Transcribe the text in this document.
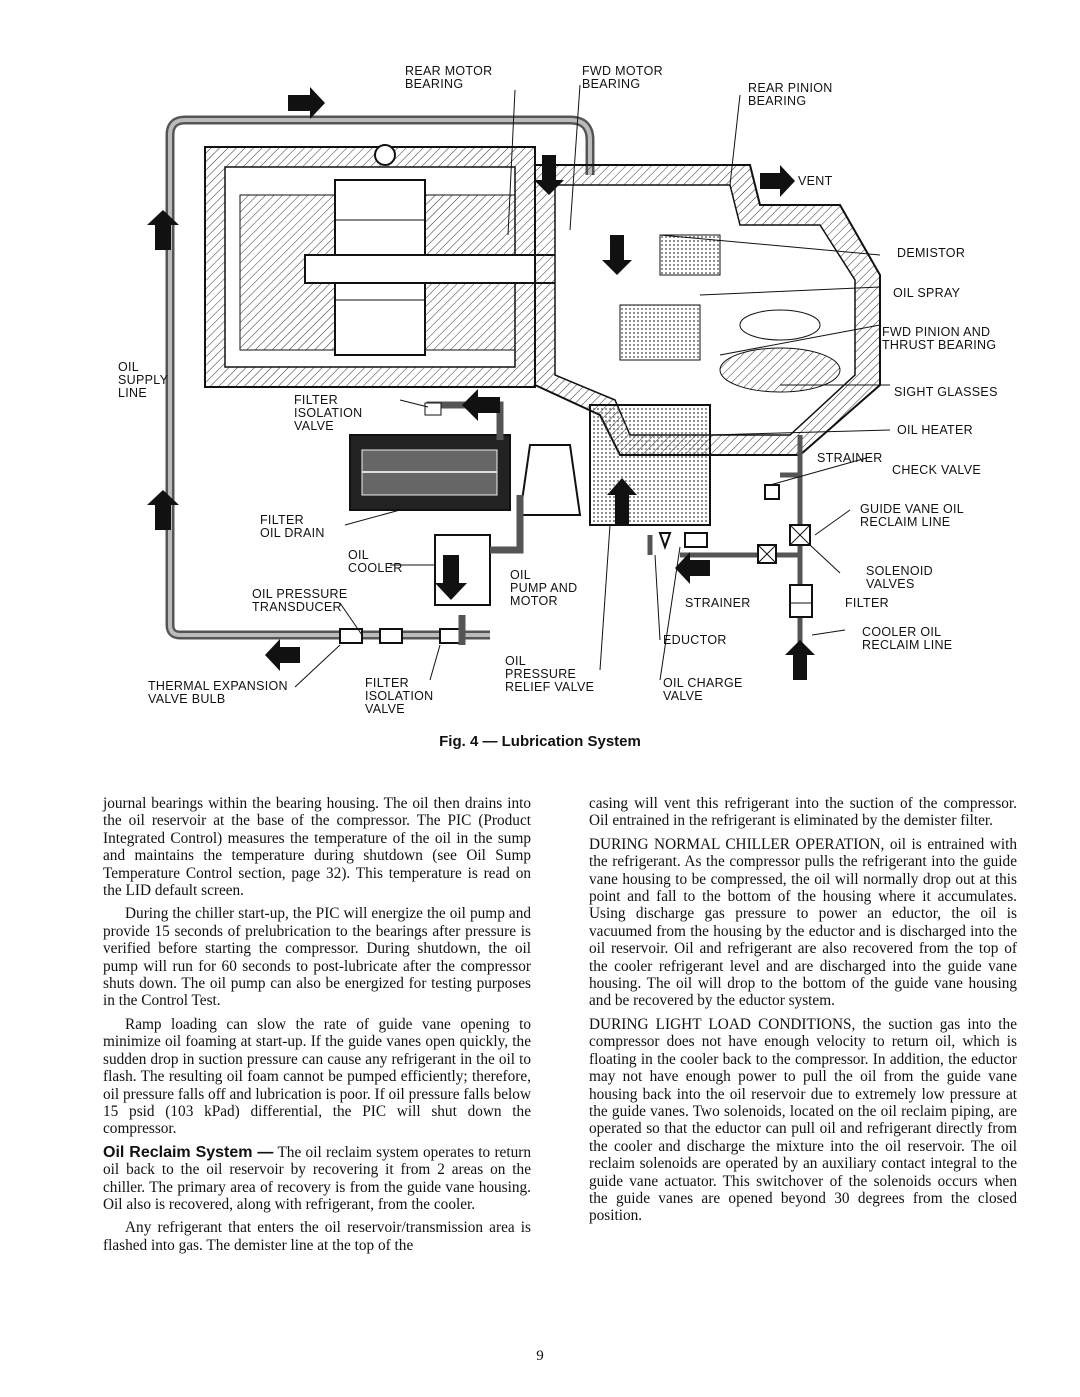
REAR MOTOR
BEARING
FWD MOTOR
BEARING	REAR PINION
BEARING
VENT
DEMISTOR
OIL SPRAY
FWD PINION AND
THRUST BEARING
SIGHT GLASSES
OIL HEATER
STRAINER
CHECK VALVE
GUIDE VANE OIL
RECLAIM LINE
SOLENOID
VALVES
STRAINER	FILTER
COOLER OIL
RECLAIM LINE
EDUCTOR
OIL CHARGE
VALVE
OIL
PRESSURE
RELIEF VALVE
OIL
PUMP AND
MOTOR
OIL
COOLER
FILTER
ISOLATION
VALVE
FILTER
OIL DRAIN
OIL PRESSURE
TRANSDUCER
OIL
SUPPLY
LINE
THERMAL EXPANSION
VALVE BULB
FILTER
ISOLATION
VALVE
Fig. 4 — Lubrication System

journal bearings within the bearing housing. The oil then drains into the oil reservoir at the base of the compressor. The PIC (Product Integrated Control) measures the temperature of the oil in the sump and maintains the temperature during shutdown (see Oil Sump Temperature Control section, page 32). This temperature is read on the LID default screen.

During the chiller start-up, the PIC will energize the oil pump and provide 15 seconds of prelubrication to the bearings after pressure is verified before starting the compressor. During shutdown, the oil pump will run for 60 seconds to post-lubricate after the compressor shuts down. The oil pump can also be energized for testing purposes in the Control Test.

Ramp loading can slow the rate of guide vane opening to minimize oil foaming at start-up. If the guide vanes open quickly, the sudden drop in suction pressure can cause any refrigerant in the oil to flash. The resulting oil foam cannot be pumped efficiently; therefore, oil pressure falls off and lubrication is poor. If oil pressure falls below 15 psid (103 kPad) differential, the PIC will shut down the compressor.

Oil Reclaim System — The oil reclaim system operates to return oil back to the oil reservoir by recovering it from 2 areas on the chiller. The primary area of recovery is from the guide vane housing. Oil also is recovered, along with refrigerant, from the cooler.

Any refrigerant that enters the oil reservoir/transmission area is flashed into gas. The demister line at the top of the

casing will vent this refrigerant into the suction of the compressor. Oil entrained in the refrigerant is eliminated by the demister filter.

DURING NORMAL CHILLER OPERATION, oil is entrained with the refrigerant. As the compressor pulls the refrigerant into the guide vane housing to be compressed, the oil will normally drop out at this point and fall to the bottom of the housing where it accumulates. Using discharge gas pressure to power an eductor, the oil is vacuumed from the housing by the eductor and is discharged into the oil reservoir. Oil and refrigerant are also recovered from the top of the cooler refrigerant level and are discharged into the guide vane housing. The oil will drop to the bottom of the guide vane housing and be recovered by the eductor system.

DURING LIGHT LOAD CONDITIONS, the suction gas into the compressor does not have enough velocity to return oil, which is floating in the cooler back to the compressor. In addition, the eductor may not have enough power to pull the oil from the guide vane housing back into the oil reservoir due to extremely low pressure at the guide vanes. Two solenoids, located on the oil reclaim piping, are operated so that the eductor can pull oil and refrigerant directly from the cooler and discharge the mixture into the oil reservoir. The oil reclaim solenoids are operated by an auxiliary contact integral to the guide vane actuator. This switchover of the solenoids occurs when the guide vanes are opened beyond 30 degrees from the closed position.

9
